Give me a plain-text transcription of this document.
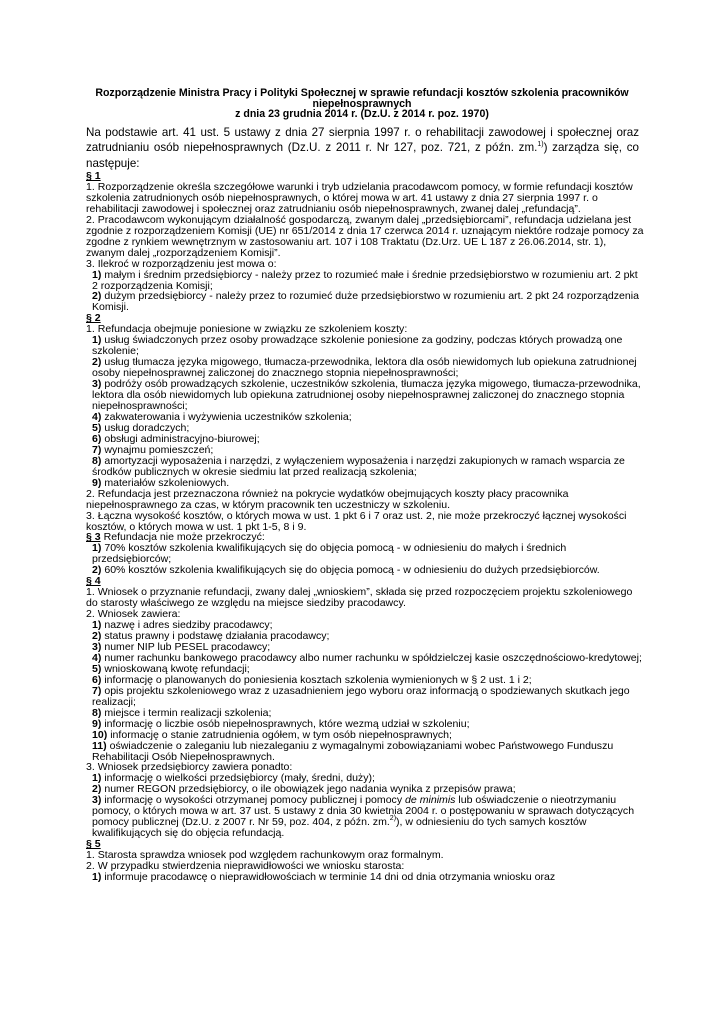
Rozporządzenie Ministra Pracy i Polityki Społecznej w sprawie refundacji kosztów szkolenia pracowników niepełnosprawnych
z dnia 23 grudnia 2014 r. (Dz.U. z 2014 r. poz. 1970)
Na podstawie art. 41 ust. 5 ustawy z dnia 27 sierpnia 1997 r. o rehabilitacji zawodowej i społecznej oraz zatrudnianiu osób niepełnosprawnych (Dz.U. z 2011 r. Nr 127, poz. 721, z późn. zm.$^{1)}$) zarządza się, co następuje:
§ 1
1. Rozporządzenie określa szczegółowe warunki i tryb udzielania pracodawcom pomocy, w formie refundacji kosztów szkolenia zatrudnionych osób niepełnosprawnych, o której mowa w art. 41 ustawy z dnia 27 sierpnia 1997 r. o rehabilitacji zawodowej i społecznej oraz zatrudnianiu osób niepełnosprawnych, zwanej dalej „refundacją”.
2. Pracodawcom wykonującym działalność gospodarczą, zwanym dalej „przedsiębiorcami”, refundacja udzielana jest zgodnie z rozporządzeniem Komisji (UE) nr 651/2014 z dnia 17 czerwca 2014 r. uznającym niektóre rodzaje pomocy za zgodne z rynkiem wewnętrznym w zastosowaniu art. 107 i 108 Traktatu (Dz.Urz. UE L 187 z 26.06.2014, str. 1), zwanym dalej „rozporządzeniem Komisji”.
3. Ilekroć w rozporządzeniu jest mowa o:
1) małym i średnim przedsiębiorcy - należy przez to rozumieć małe i średnie przedsiębiorstwo w rozumieniu art. 2 pkt 2 rozporządzenia Komisji;
2) dużym przedsiębiorcy - należy przez to rozumieć duże przedsiębiorstwo w rozumieniu art. 2 pkt 24 rozporządzenia Komisji.
§ 2
1. Refundacja obejmuje poniesione w związku ze szkoleniem koszty:
1) usług świadczonych przez osoby prowadzące szkolenie poniesione za godziny, podczas których prowadzą one szkolenie;
2) usług tłumacza języka migowego, tłumacza-przewodnika, lektora dla osób niewidomych lub opiekuna zatrudnionej osoby niepełnosprawnej zaliczonej do znacznego stopnia niepełnosprawności;
3) podróży osób prowadzących szkolenie, uczestników szkolenia, tłumacza języka migowego, tłumacza-przewodnika, lektora dla osób niewidomych lub opiekuna zatrudnionej osoby niepełnosprawnej zaliczonej do znacznego stopnia niepełnosprawności;
4) zakwaterowania i wyżywienia uczestników szkolenia;
5) usług doradczych;
6) obsługi administracyjno-biurowej;
7) wynajmu pomieszczeń;
8) amortyzacji wyposażenia i narzędzi, z wyłączeniem wyposażenia i narzędzi zakupionych w ramach wsparcia ze środków publicznych w okresie siedmiu lat przed realizacją szkolenia;
9) materiałów szkoleniowych.
2. Refundacja jest przeznaczona również na pokrycie wydatków obejmujących koszty płacy pracownika niepełnosprawnego za czas, w którym pracownik ten uczestniczy w szkoleniu.
3. Łączna wysokość kosztów, o których mowa w ust. 1 pkt 6 i 7 oraz ust. 2, nie może przekroczyć łącznej wysokości kosztów, o których mowa w ust. 1 pkt 1-5, 8 i 9.
§ 3 Refundacja nie może przekroczyć:
1) 70% kosztów szkolenia kwalifikujących się do objęcia pomocą - w odniesieniu do małych i średnich przedsiębiorców;
2) 60% kosztów szkolenia kwalifikujących się do objęcia pomocą - w odniesieniu do dużych przedsiębiorców.
§ 4
1. Wniosek o przyznanie refundacji, zwany dalej „wnioskiem”, składa się przed rozpoczęciem projektu szkoleniowego do starosty właściwego ze względu na miejsce siedziby pracodawcy.
2. Wniosek zawiera:
1) nazwę i adres siedziby pracodawcy;
2) status prawny i podstawę działania pracodawcy;
3) numer NIP lub PESEL pracodawcy;
4) numer rachunku bankowego pracodawcy albo numer rachunku w spółdzielczej kasie oszczędnościowo-kredytowej;
5) wnioskowaną kwotę refundacji;
6) informację o planowanych do poniesienia kosztach szkolenia wymienionych w § 2 ust. 1 i 2;
7) opis projektu szkoleniowego wraz z uzasadnieniem jego wyboru oraz informacją o spodziewanych skutkach jego realizacji;
8) miejsce i termin realizacji szkolenia;
9) informację o liczbie osób niepełnosprawnych, które wezmą udział w szkoleniu;
10) informację o stanie zatrudnienia ogółem, w tym osób niepełnosprawnych;
11) oświadczenie o zaleganiu lub niezaleganiu z wymagalnymi zobowiązaniami wobec Państwowego Funduszu Rehabilitacji Osób Niepełnosprawnych.
3. Wniosek przedsiębiorcy zawiera ponadto:
1) informację o wielkości przedsiębiorcy (mały, średni, duży);
2) numer REGON przedsiębiorcy, o ile obowiązek jego nadania wynika z przepisów prawa;
3) informację o wysokości otrzymanej pomocy publicznej i pomocy de minimis lub oświadczenie o nieotrzymaniu pomocy, o których mowa w art. 37 ust. 5 ustawy z dnia 30 kwietnia 2004 r. o postępowaniu w sprawach dotyczących pomocy publicznej (Dz.U. z 2007 r. Nr 59, poz. 404, z późn. zm.$^{2)}$), w odniesieniu do tych samych kosztów kwalifikujących się do objęcia refundacją.
§ 5
1. Starosta sprawdza wniosek pod względem rachunkowym oraz formalnym.
2. W przypadku stwierdzenia nieprawidłowości we wniosku starosta:
1) informuje pracodawcę o nieprawidłowościach w terminie 14 dni od dnia otrzymania wniosku oraz
